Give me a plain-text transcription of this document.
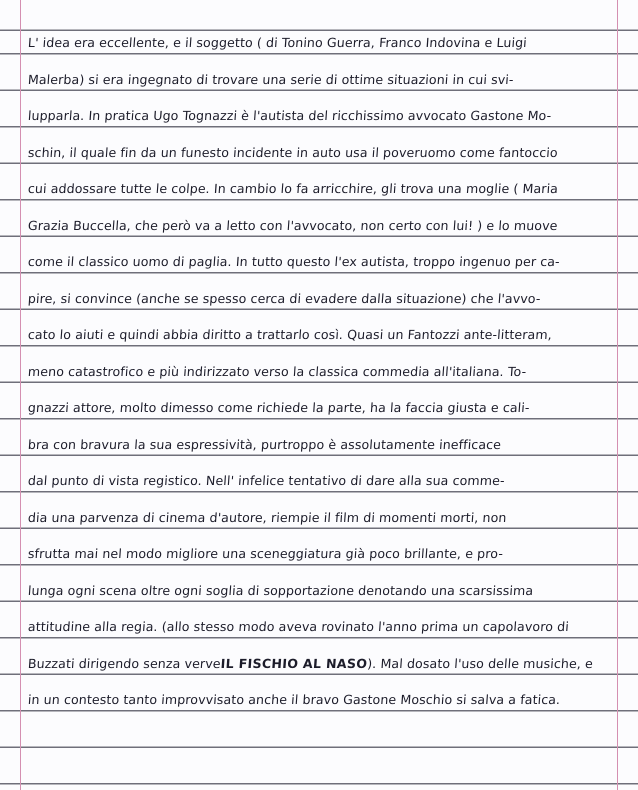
L' idea era eccellente, e il soggetto ( di Tonino Guerra, Franco Indovina e Luigi
Malerba) si era ingegnato di trovare una serie di ottime situazioni in cui svi-
lupparla. In pratica Ugo Tognazzi è l'autista del ricchissimo avvocato Gastone Mo-
schin, il quale fin da un funesto incidente in auto usa il poveruomo come fantoccio
cui addossare tutte le colpe. In cambio lo fa arricchire, gli trova una moglie ( Maria
Grazia Buccella, che però va a letto con l'avvocato, non certo con lui! ) e lo muove
come il classico uomo di paglia. In tutto questo l'ex autista, troppo ingenuo per ca-
pire, si convince (anche se spesso cerca di evadere dalla situazione) che l'avvo-
cato lo aiuti e quindi abbia diritto a trattarlo così. Quasi un Fantozzi ante-litteram,
meno catastrofico e più indirizzato verso la classica commedia all'italiana. To-
gnazzi attore, molto dimesso come richiede la parte, ha la faccia giusta e cali-
bra con bravura la sua espressività, purtroppo è assolutamente inefficace
dal punto di vista registico. Nell' infelice tentativo di dare alla sua comme-
dia una parvenza di cinema d'autore, riempie il film di momenti morti, non
sfrutta mai nel modo migliore una sceneggiatura già poco brillante, e pro-
lunga ogni scena oltre ogni soglia di sopportazione denotando una scarsissima
attitudine alla regia. (allo stesso modo aveva rovinato l'anno prima un capolavoro di
Buzzati dirigendo senza verveIL FISCHIO AL NASO). Mal dosato l'uso delle musiche, e
in un contesto tanto improvvisato anche il bravo Gastone Moschio si salva a fatica.
